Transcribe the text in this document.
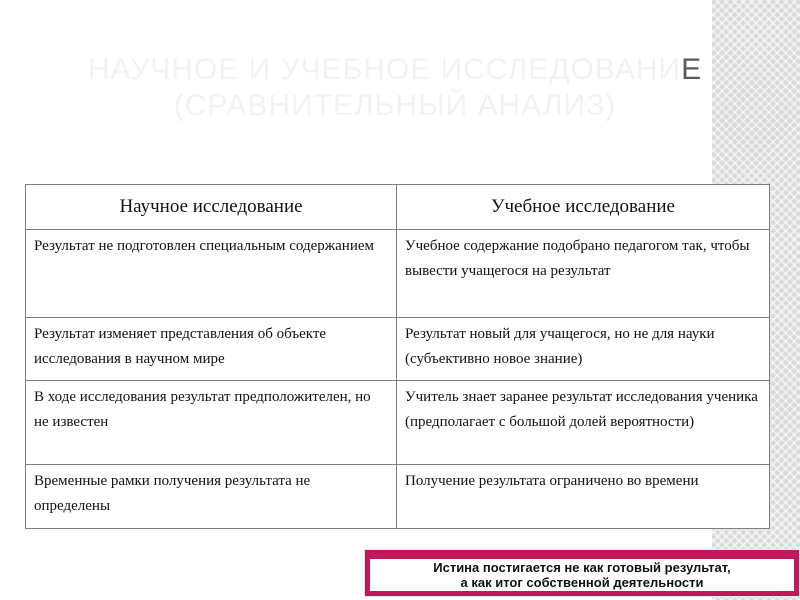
НАУЧНОЕ И УЧЕБНОЕ ИССЛЕДОВАНИЕ
(СРАВНИТЕЛЬНЫЙ АНАЛИЗ)
Научное исследование	Учебное исследование
Результат не подготовлен специальным содержанием	Учебное содержание подобрано педагогом так, чтобы вывести учащегося на результат
Результат изменяет представления об объекте исследования в научном мире	Результат новый для учащегося, но не для науки (субъективно новое знание)
В ходе исследования результат предположителен, но не известен	Учитель знает заранее результат исследования ученика (предполагает с большой долей вероятности)
Временные рамки получения результата не определены	Получение результата ограничено во времени
Истина постигается не как готовый результат,
а как итог собственной деятельности
